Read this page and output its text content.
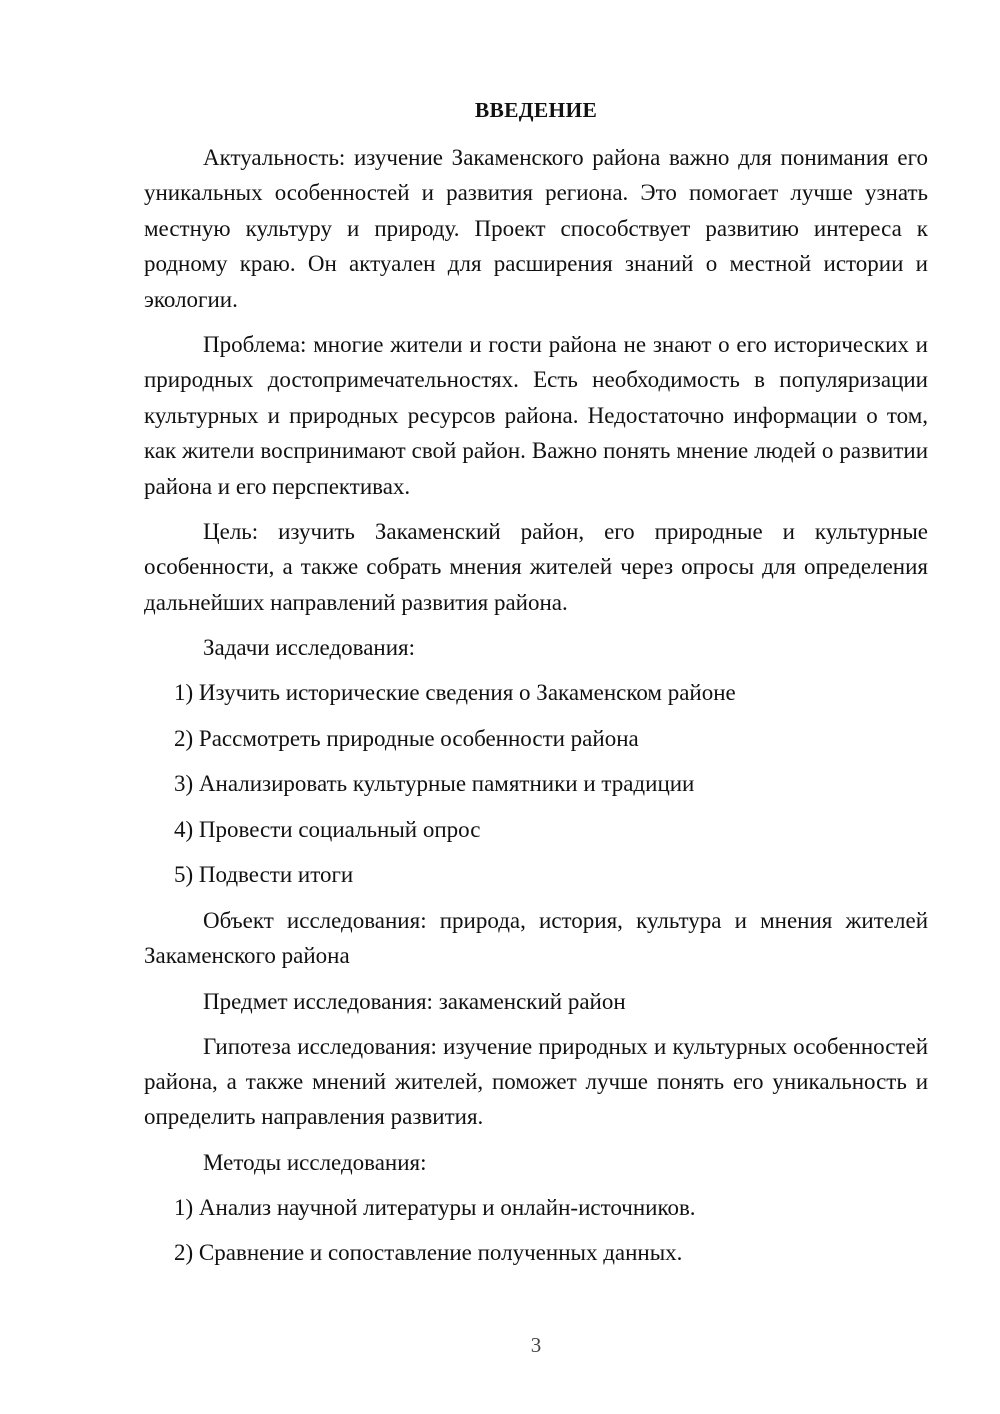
ВВЕДЕНИЕ
Актуальность: изучение Закаменского района важно для понимания его уникальных особенностей и развития региона. Это помогает лучше узнать местную культуру и природу. Проект способствует развитию интереса к родному краю. Он актуален для расширения знаний о местной истории и экологии.
Проблема: многие жители и гости района не знают о его исторических и природных достопримечательностях. Есть необходимость в популяризации культурных и природных ресурсов района. Недостаточно информации о том, как жители воспринимают свой район. Важно понять мнение людей о развитии района и его перспективах.
Цель: изучить Закаменский район, его природные и культурные особенности, а также собрать мнения жителей через опросы для определения дальнейших направлений развития района.
Задачи исследования:
1) Изучить исторические сведения о Закаменском районе
2) Рассмотреть природные особенности района
3) Анализировать культурные памятники и традиции
4) Провести социальный опрос
5) Подвести итоги
Объект исследования: природа, история, культура и мнения жителей Закаменского района
Предмет исследования: закаменский район
Гипотеза исследования: изучение природных и культурных особенностей района, а также мнений жителей, поможет лучше понять его уникальность и определить направления развития.
Методы исследования:
1) Анализ научной литературы и онлайн-источников.
2) Сравнение и сопоставление полученных данных.
3
